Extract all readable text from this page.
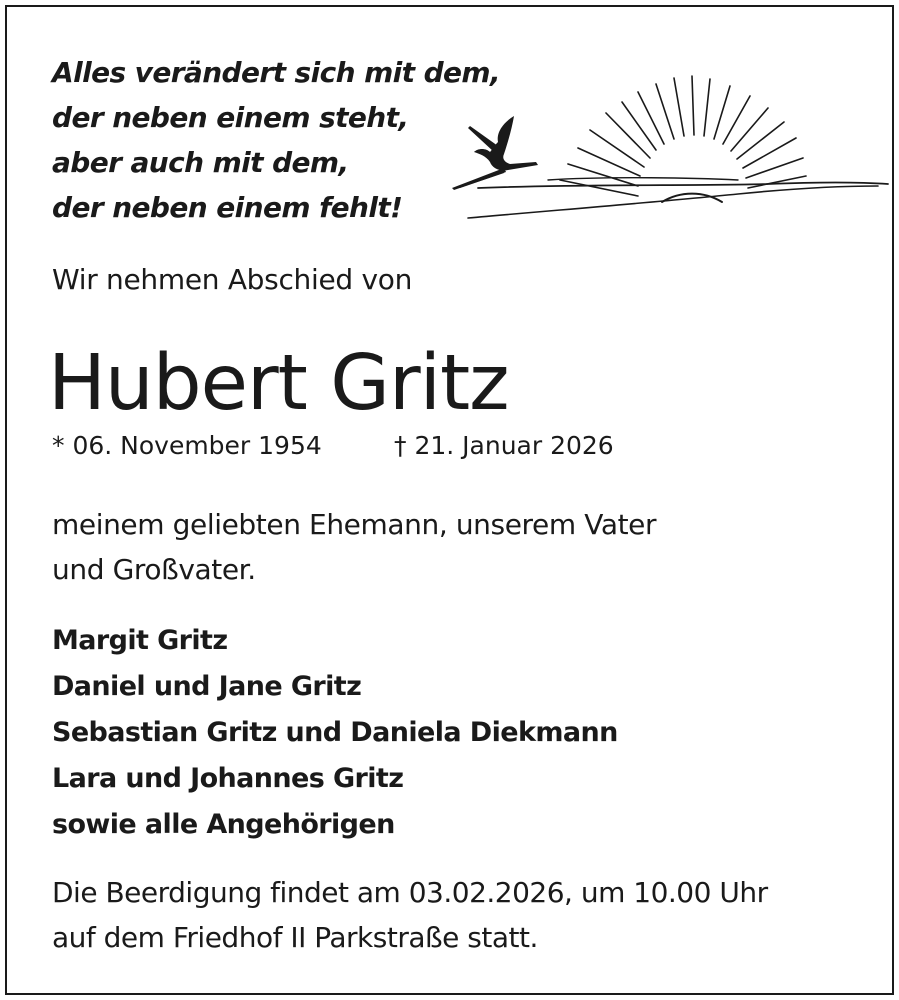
Alles verändert sich mit dem,
der neben einem steht,
aber auch mit dem,
der neben einem fehlt!
Wir nehmen Abschied von
Hubert Gritz
* 06. November 1954	† 21. Januar 2026
meinem geliebten Ehemann, unserem Vater
und Großvater.
Margit Gritz
Daniel und Jane Gritz
Sebastian Gritz und Daniela Diekmann
Lara und Johannes Gritz
sowie alle Angehörigen
Die Beerdigung findet am 03.02.2026, um 10.00 Uhr
auf dem Friedhof II Parkstraße statt.
